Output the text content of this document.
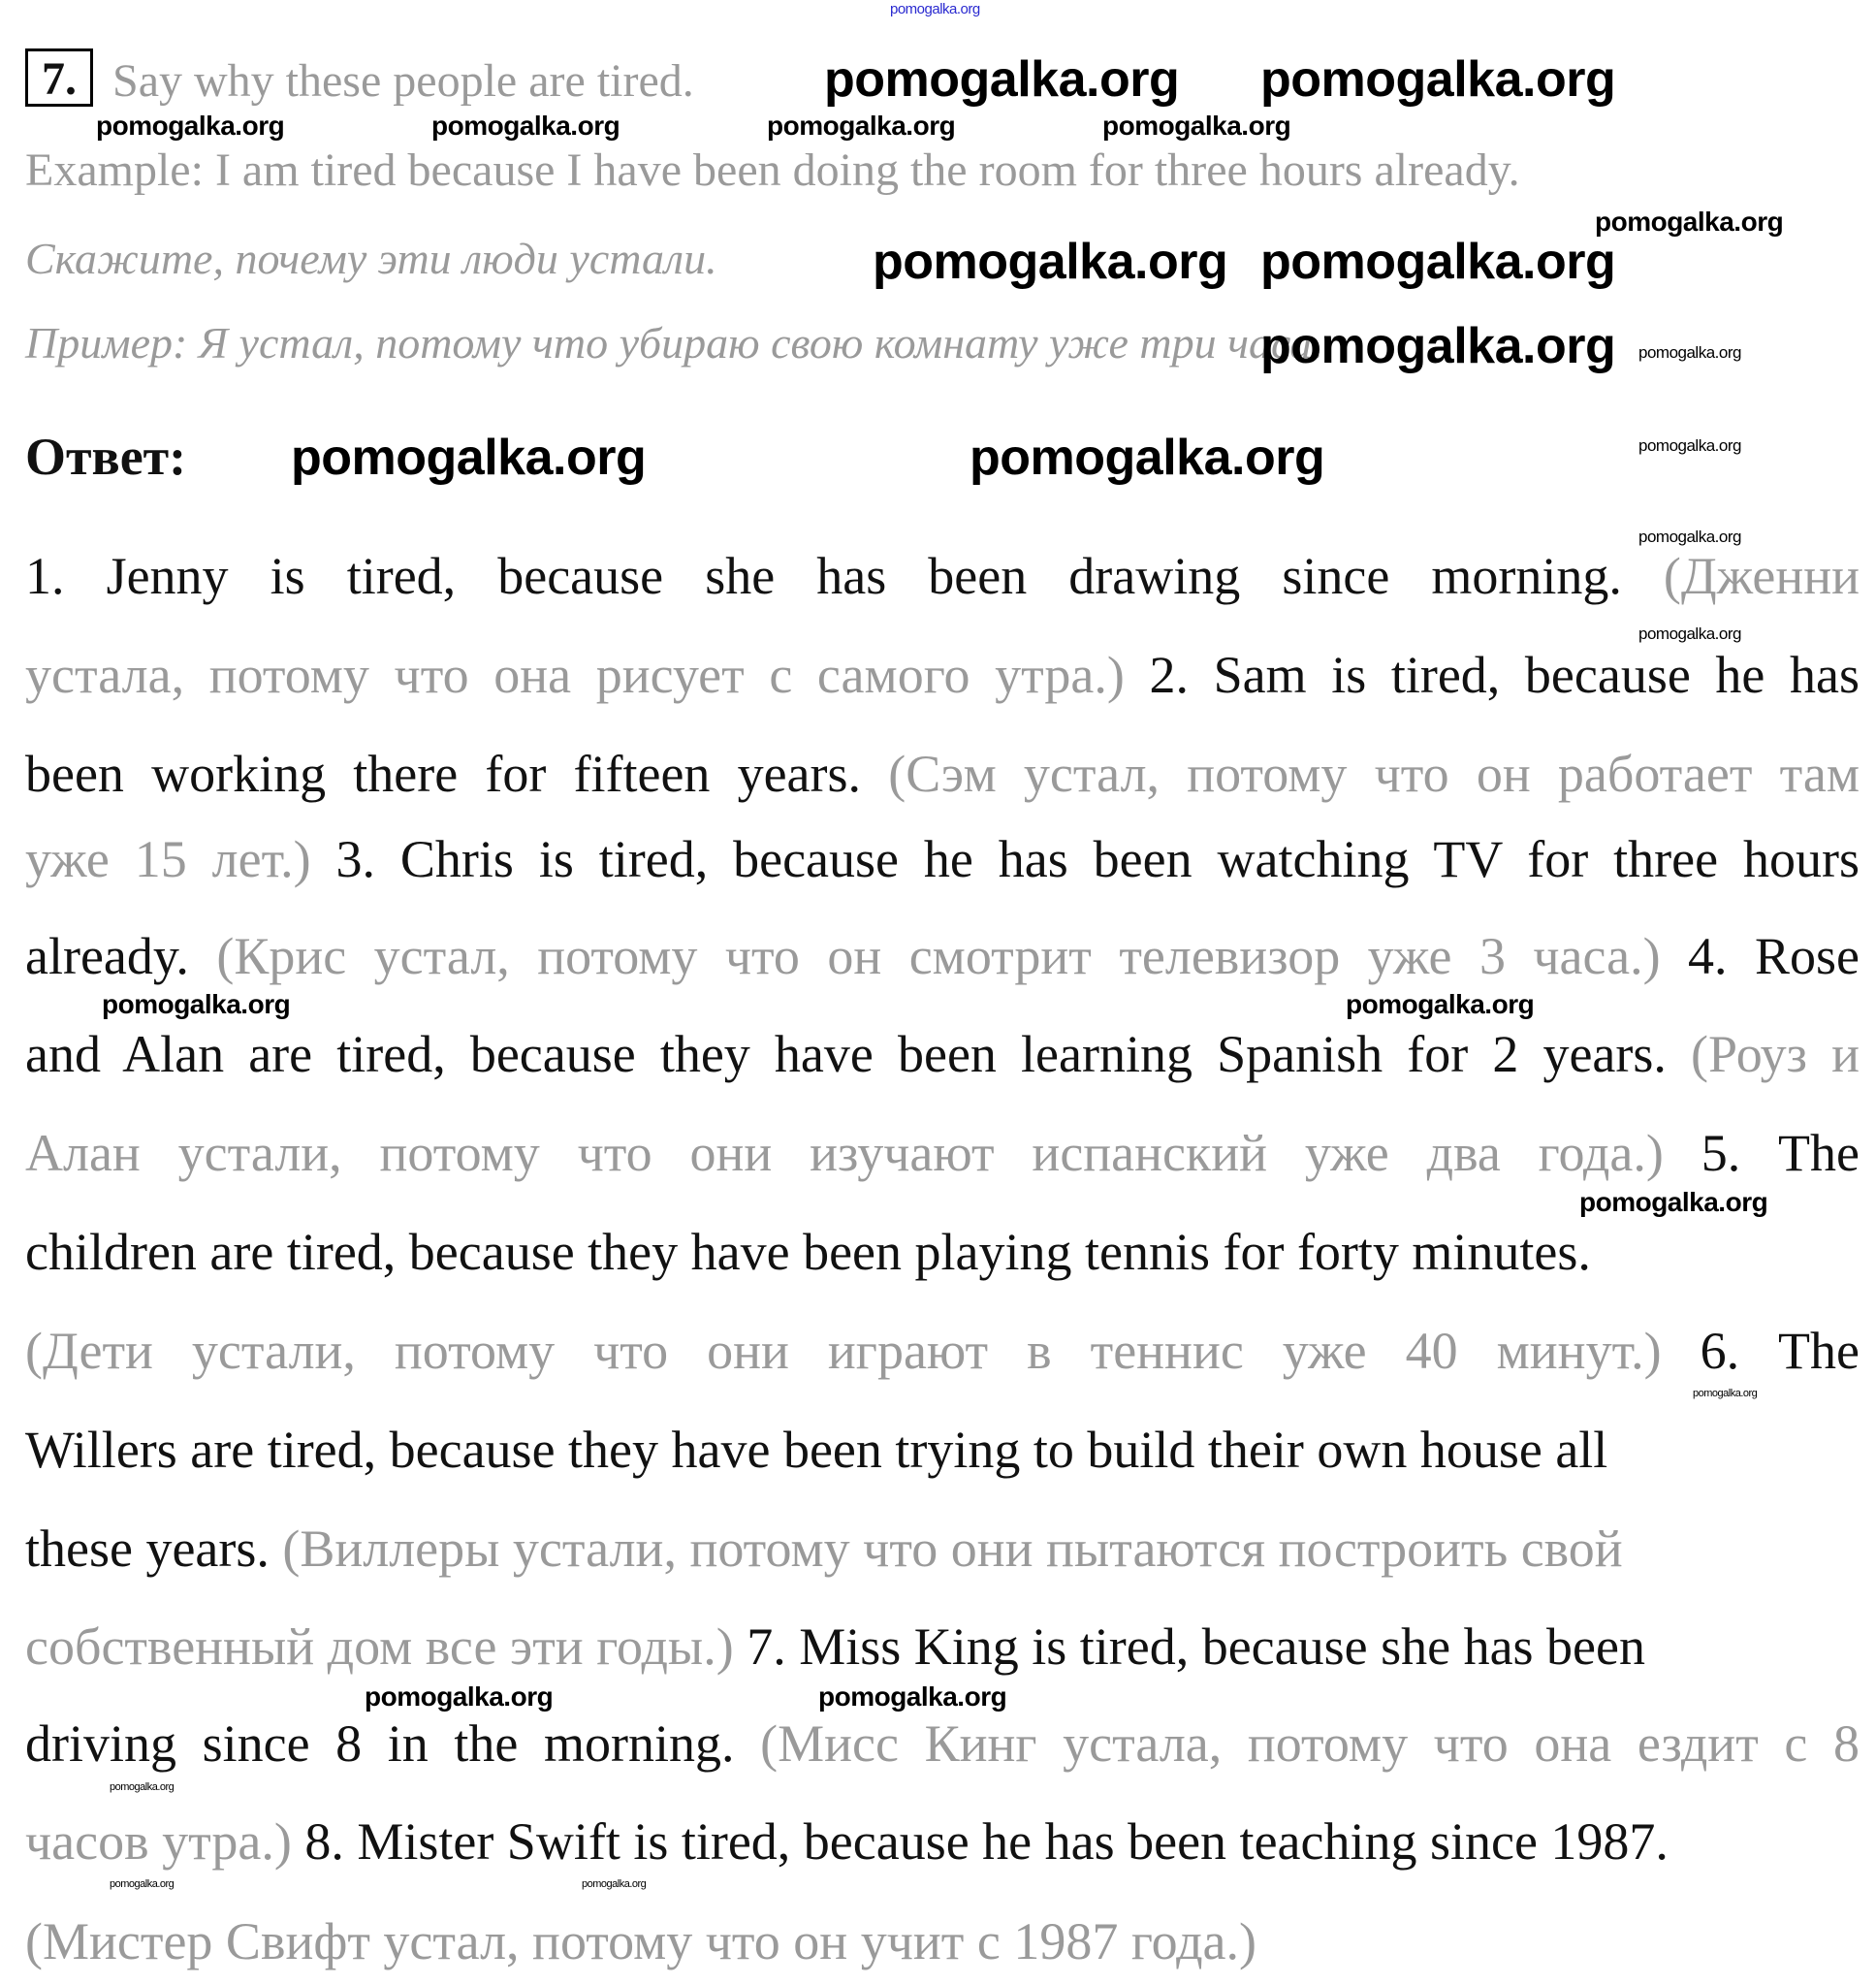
pomogalka.org
7. Say why these people are tired.
Example: I am tired because I have been doing the room for three hours already.
Скажите, почему эти люди устали.
Пример: Я устал, потому что убираю свою комнату уже три часа.
Ответ:
1. Jenny is tired, because she has been drawing since morning. (Дженни
устала, потому что она рисует с самого утра.) 2. Sam is tired, because he has
been working there for fifteen years. (Сэм устал, потому что он работает там
уже 15 лет.) 3. Chris is tired, because he has been watching TV for three hours
already. (Крис устал, потому что он смотрит телевизор уже 3 часа.) 4. Rose
and Alan are tired, because they have been learning Spanish for 2 years. (Роуз и
Алан устали, потому что они изучают испанский уже два года.) 5. The
children are tired, because they have been playing tennis for forty minutes.
(Дети устали, потому что они играют в теннис уже 40 минут.) 6. The
Willers are tired, because they have been trying to build their own house all
these years. (Виллеры устали, потому что они пытаются построить свой
собственный дом все эти годы.) 7. Miss King is tired, because she has been
driving since 8 in the morning. (Мисс Кинг устала, потому что она ездит с 8
часов утра.) 8. Mister Swift is tired, because he has been teaching since 1987.
(Мистер Свифт устал, потому что он учит с 1987 года.)
pomogalka.org	pomogalka.org	pomogalka.org	pomogalka.org
pomogalka.org
pomogalka.org
pomogalka.org
pomogalka.org
pomogalka.org
pomogalka.org	pomogalka.org
pomogalka.org pomogalka.org
pomogalka.org	pomogalka.org
pomogalka.org
pomogalka.org pomogalka.org
pomogalka.org
pomogalka.org	pomogalka.org
pomogalka.org
pomogalka.org
pomogalka.org	pomogalka.org
